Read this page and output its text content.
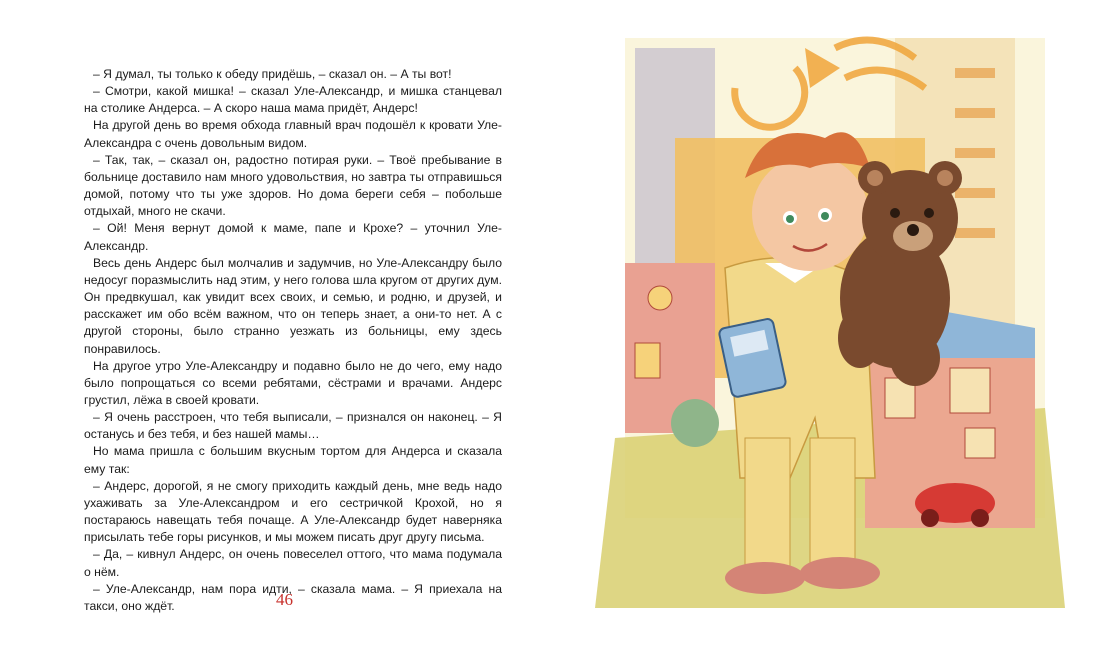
– Я думал, ты только к обеду придёшь, – сказал он. – А ты вот!

– Смотри, какой мишка! – сказал Уле-Александр, и мишка станцевал на столике Андерса. – А скоро наша мама придёт, Андерс!

На другой день во время обхода главный врач подошёл к кровати Уле-Александра с очень довольным видом.

– Так, так, – сказал он, радостно потирая руки. – Твоё пребывание в больнице доставило нам много удовольствия, но завтра ты отправишься домой, потому что ты уже здоров. Но дома береги себя – побольше отдыхай, много не скачи.

– Ой! Меня вернут домой к маме, папе и Крохе? – уточнил Уле-Александр.

Весь день Андерс был молчалив и задумчив, но Уле-Александру было недосуг поразмыслить над этим, у него голова шла кругом от других дум. Он предвкушал, как увидит всех своих, и семью, и родню, и друзей, и расскажет им обо всём важном, что он теперь знает, а они-то нет. А с другой стороны, было странно уезжать из больницы, ему здесь понравилось.

На другое утро Уле-Александру и подавно было не до чего, ему надо было попрощаться со всеми ребятами, сёстрами и врачами. Андерс грустил, лёжа в своей кровати.

– Я очень расстроен, что тебя выписали, – признался он наконец. – Я останусь и без тебя, и без нашей мамы…

Но мама пришла с большим вкусным тортом для Андерса и сказала ему так:

– Андерс, дорогой, я не смогу приходить каждый день, мне ведь надо ухаживать за Уле-Александром и его сестричкой Крохой, но я постараюсь навещать тебя почаще. А Уле-Александр будет наверняка присылать тебе горы рисунков, и мы можем писать друг другу письма.

– Да, – кивнул Андерс, он очень повеселел оттого, что мама подумала о нём.

– Уле-Александр, нам пора идти, – сказала мама. – Я приехала на такси, оно ждёт.	46
